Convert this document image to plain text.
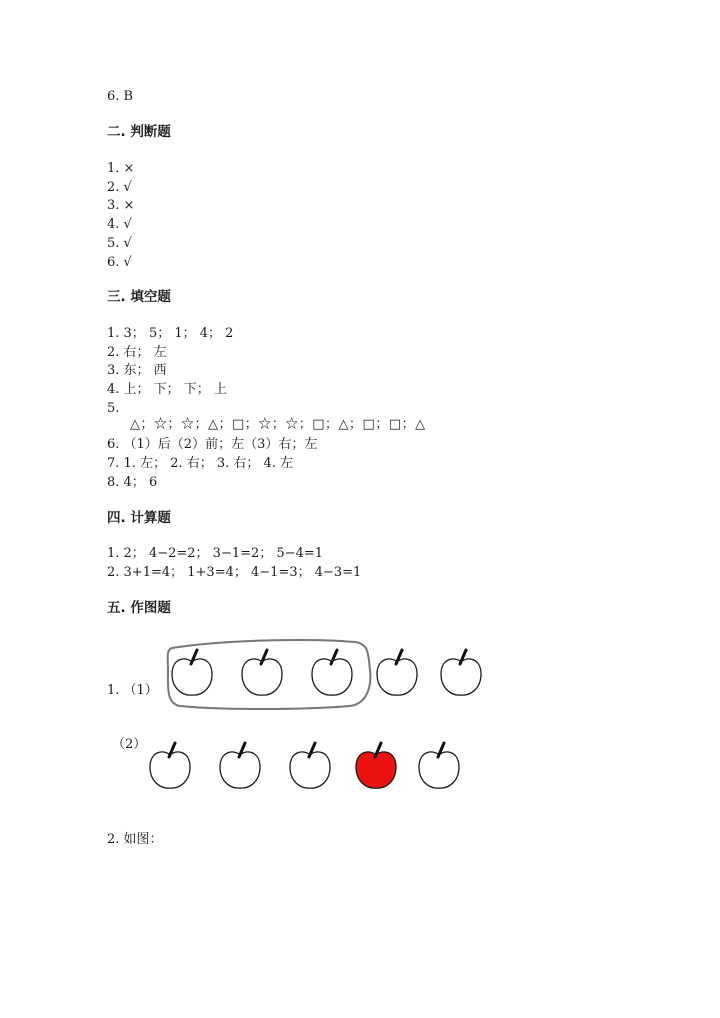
6. B
二. 判断题
1. ×
2. √
3. ×
4. √
5. √
6. √
三. 填空题
1. 3； 5； 1； 4； 2
2. 右； 左
3. 东； 西
4. 上； 下； 下； 上
5.
△；☆；☆；△；□；☆；☆；□；△；□；□；△
6. （1）后（2）前；左（3）右；左
7. 1. 左； 2. 右； 3. 右； 4. 左
8. 4； 6
四. 计算题
1. 2； 4−2=2； 3−1=2； 5−4=1
2. 3+1=4； 1+3=4； 4−1=3； 4−3=1
五. 作图题
1. （1）
（2）
2. 如图：
